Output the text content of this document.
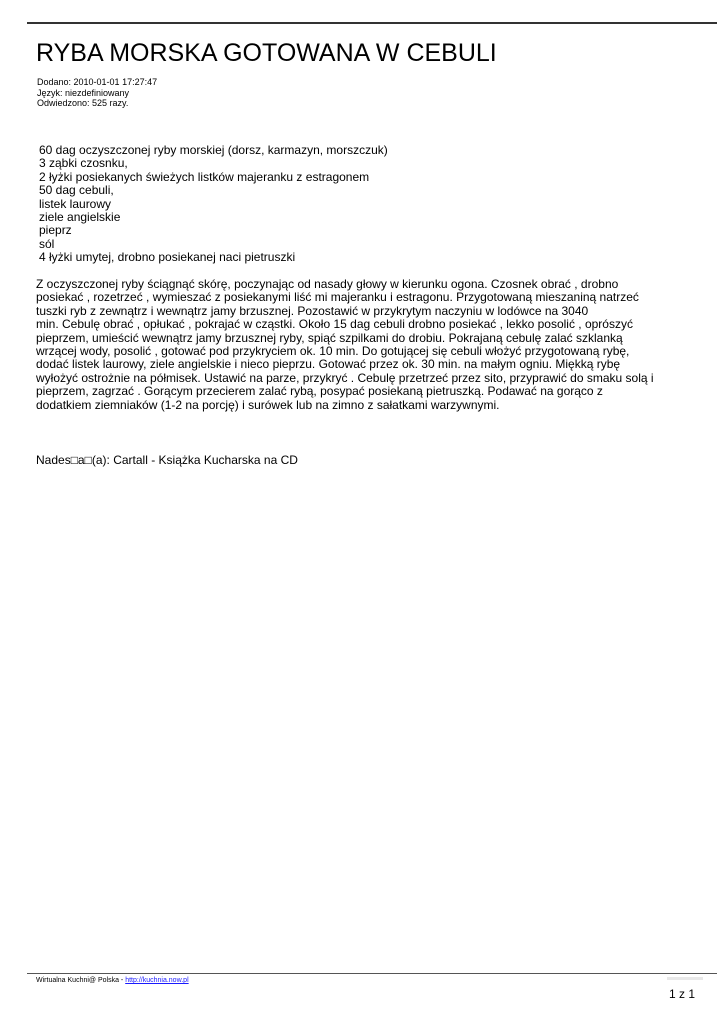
RYBA MORSKA GOTOWANA W CEBULI
Dodano: 2010-01-01 17:27:47
Język: niezdefiniowany
Odwiedzono: 525 razy.
60 dag oczyszczonej ryby morskiej (dorsz, karmazyn, morszczuk)
3 ząbki czosnku,
2 łyżki posiekanych świeżych listków majeranku z estragonem
50 dag cebuli,
listek laurowy
ziele angielskie
pieprz
sól
4 łyżki umytej, drobno posiekanej naci pietruszki
Z oczyszczonej ryby ściągnąć skórę, poczynając od nasady głowy w kierunku ogona. Czosnek obrać , drobno
posiekać , rozetrzeć , wymieszać z posiekanymi liść mi majeranku i estragonu. Przygotowaną mieszaniną natrzeć
tuszki ryb z zewnątrz i wewnątrz jamy brzusznej. Pozostawić w przykrytym naczyniu w lodówce na 3040
min. Cebulę obrać , opłukać , pokrajać w cząstki. Około 15 dag cebuli drobno posiekać , lekko posolić , oprószyć
pieprzem, umieścić wewnątrz jamy brzusznej ryby, spiąć szpilkami do drobiu. Pokrajaną cebulę zalać szklanką
wrzącej wody, posolić , gotować pod przykryciem ok. 10 min. Do gotującej się cebuli włożyć przygotowaną rybę,
dodać listek laurowy, ziele angielskie i nieco pieprzu. Gotować przez ok. 30 min. na małym ogniu. Miękką rybę
wyłożyć ostrożnie na półmisek. Ustawić na parze, przykryć . Cebulę przetrzeć przez sito, przyprawić do smaku solą i
pieprzem, zagrzać . Gorącym przecierem zalać rybą, posypać posiekaną pietruszką. Podawać na gorąco z
dodatkiem ziemniaków (1-2 na porcję) i surówek lub na zimno z sałatkami warzywnymi.
Nades□a□(a): Cartall - Książka Kucharska na CD
Wirtualna Kuchni@ Polska - http://kuchnia.now.pl
1 z 1
